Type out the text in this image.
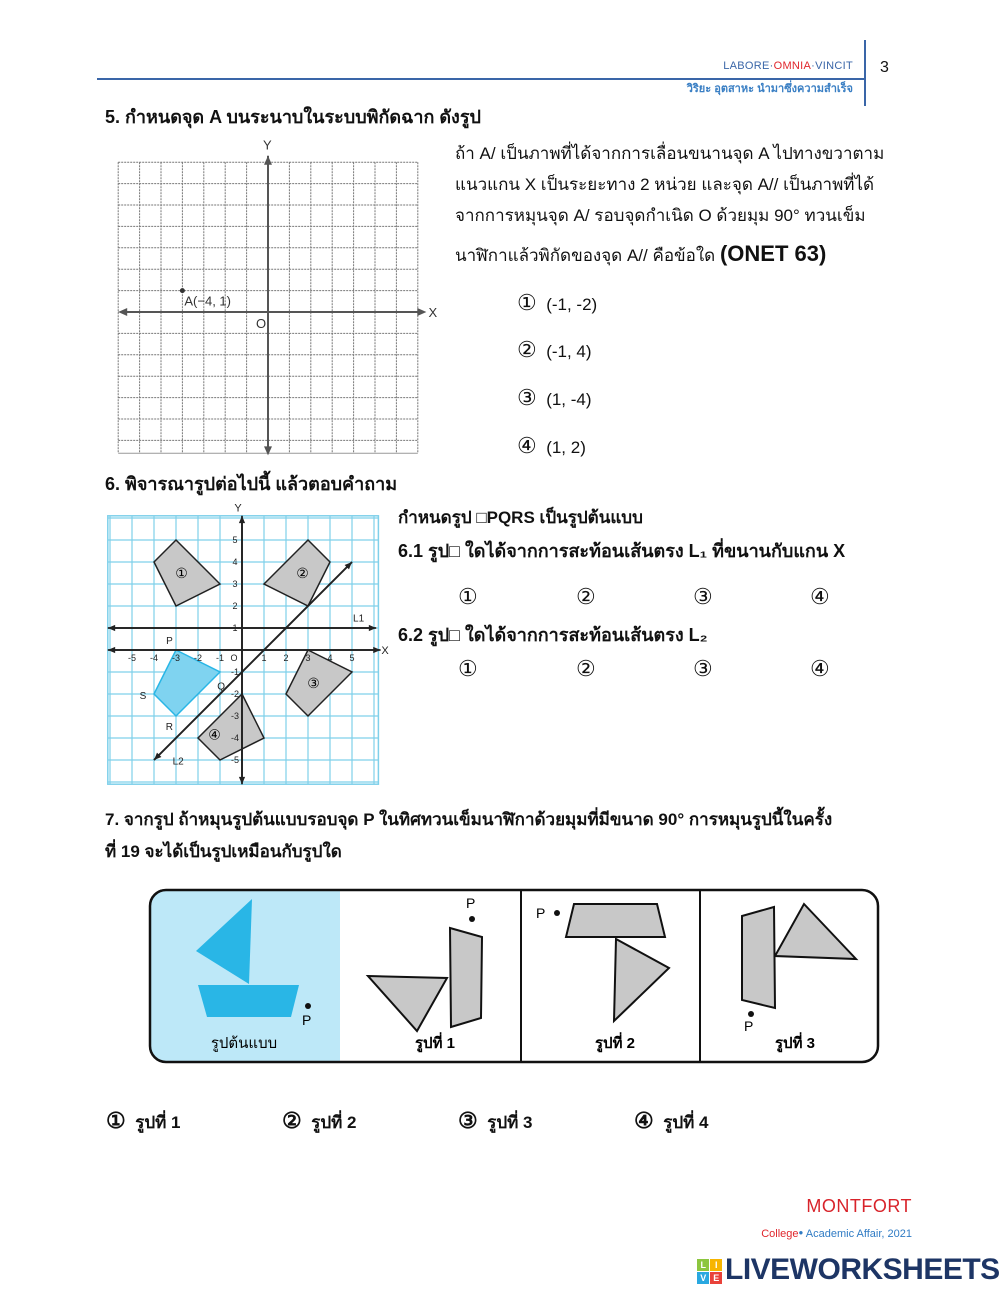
LABORE·OMNIA·VINCIT
วิริยะ อุตสาหะ นำมาซึ่งความสำเร็จ
3
5. กำหนดจุด A บนระนาบในระบบพิกัดฉาก ดังรูป
X
Y
O
A(−4, 1)
ถ้า A/ เป็นภาพที่ได้จากการเลื่อนขนานจุด A ไปทางขวาตาม
แนวแกน X เป็นระยะทาง 2 หน่วย และจุด A// เป็นภาพที่ได้
จากการหมุนจุด A/ รอบจุดกำเนิด O ด้วยมุม 90° ทวนเข็ม
นาฬิกาแล้วพิกัดของจุด A// คือข้อใด (ONET 63)
① (-1, -2)
② (-1, 4)
③ (1, -4)
④ (1, 2)
6. พิจารณารูปต่อไปนี้ แล้วตอบคำถาม
①	②
③
④
-5 -4 -3 -2 -1	1 2 3 4 5
5
4
3
2
1
-1
-2
-3
-4
-5
O
X
Y
L1
L2
P
Q
R
S
กำหนดรูป □PQRS เป็นรูปต้นแบบ
6.1 รูป□ ใดได้จากการสะท้อนเส้นตรง L₁ ที่ขนานกับแกน X
6.2 รูป□ ใดได้จากการสะท้อนเส้นตรง L₂
①	②	③	④
①	②	③	④
7. จากรูป ถ้าหมุนรูปต้นแบบรอบจุด P ในทิศทวนเข็มนาฬิกาด้วยมุมที่มีขนาด 90° การหมุนรูปนี้ในครั้ง
ที่ 19 จะได้เป็นรูปเหมือนกับรูปใด
P
รูปต้นแบบ
P
รูปที่ 1
P
รูปที่ 2
P
รูปที่ 3
① รูปที่ 1	② รูปที่ 2	③ รูปที่ 3	④ รูปที่ 4
MONTFORT
College● Academic Affair, 2021
L	I
V E LIVEWORKSHEETS
